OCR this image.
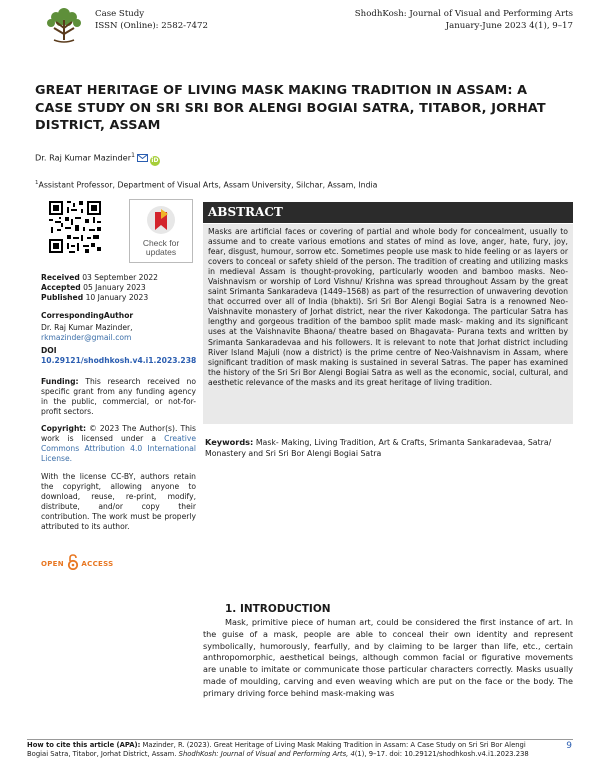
Case Study
ISSN (Online): 2582-7472
ShodhKosh: Journal of Visual and Performing Arts
January-June 2023 4(1), 9–17
GREAT HERITAGE OF LIVING MASK MAKING TRADITION IN ASSAM: A CASE STUDY ON SRI SRI BOR ALENGI BOGIAI SATRA, TITABOR, JORHAT DISTRICT, ASSAM
Dr. Raj Kumar Mazinder$^1$iD
$^1$Assistant Professor, Department of Visual Arts, Assam University, Silchar, Assam, India
Check for
updates
Received 03 September 2022
Accepted 05 January 2023
Published 10 January 2023
CorrespondingAuthor
Dr. Raj Kumar Mazinder,
rkmazinder@gmail.com
DOI
10.29121/shodhkosh.v4.i1.2023.238
Funding: This research received no specific grant from any funding agency in the public, commercial, or not-for-profit sectors.
Copyright: © 2023 The Author(s). This work is licensed under a Creative Commons Attribution 4.0 International License.
With the license CC-BY, authors retain the copyright, allowing anyone to download, reuse, re-print, modify, distribute, and/or copy their contribution. The work must be properly attributed to its author.
OPEN	ACCESS
ABSTRACT
Masks are artificial faces or covering of partial and whole body for concealment, usually to assume and to create various emotions and states of mind as love, anger, hate, fury, joy, fear, disgust, humour, sorrow etc. Sometimes people use mask to hide feeling or as layers or covers to conceal or safety shield of the person. The tradition of creating and utilizing masks in medieval Assam is thought-provoking, particularly wooden and bamboo masks. Neo-Vaishnavism or worship of Lord Vishnu/ Krishna was spread throughout Assam by the great saint Srimanta Sankaradeva (1449–1568) as part of the resurrection of unwavering devotion that occurred over all of India (bhakti). Sri Sri Bor Alengi Bogiai Satra is a renowned Neo- Vaishnavite monastery of Jorhat district, near the river Kakodonga. The particular Satra has lengthy and gorgeous tradition of the bamboo split made mask- making and its significant uses at the Vaishnavite Bhaona/ theatre based on Bhagavata- Purana texts and written by Srimanta Sankaradevaa and his followers. It is relevant to note that Jorhat district including River Island Majuli (now a district) is the prime centre of Neo-Vaishnavism in Assam, where significant tradition of mask making is sustained in several Satras. The paper has examined the history of the Sri Sri Bor Alengi Bogiai Satra as well as the economic, social, cultural, and aesthetic relevance of the masks and its great heritage of living tradition.
Keywords: Mask- Making, Living Tradition, Art & Crafts, Srimanta Sankaradevaa, Satra/ Monastery and Sri Sri Bor Alengi Bogiai Satra
1. INTRODUCTION

Mask, primitive piece of human art, could be considered the first instance of art. In the guise of a mask, people are able to conceal their own identity and represent symbolically, humorously, fearfully, and by claiming to be larger than life, etc., certain anthropomorphic, aesthetical beings, although common facial or figurative movements are unable to imitate or communicate those particular characters correctly. Masks usually made of moulding, carving and even weaving which are put on the face or the body. The primary driving force behind mask-making was

How to cite this article (APA): Mazinder, R. (2023). Great Heritage of Living Mask Making Tradition in Assam: A Case Study on Sri Sri Bor Alengi Bogiai Satra, Titabor, Jorhat District, Assam. ShodhKosh: Journal of Visual and Performing Arts, 4(1), 9–17. doi: 10.29121/shodhkosh.v4.i1.2023.238
9
